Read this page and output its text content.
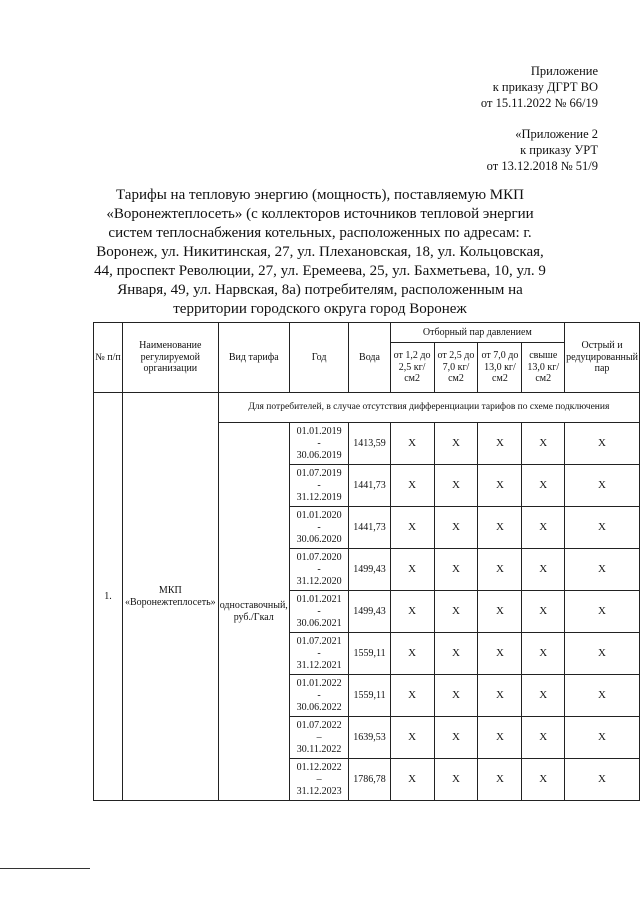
Приложение
к приказу ДГРТ ВО
от 15.11.2022 № 66/19
«Приложение 2
к приказу УРТ
от 13.12.2018 № 51/9
Тарифы на тепловую энергию (мощность), поставляемую МКП «Воронежтеплосеть» (с коллекторов источников тепловой энергии систем теплоснабжения котельных, расположенных по адресам: г. Воронеж, ул. Никитинская, 27, ул. Плехановская, 18, ул. Кольцовская, 44, проспект Революции, 27, ул. Еремеева, 25, ул. Бахметьева, 10, ул. 9 Января, 49, ул. Нарвская, 8а) потребителям, расположенным на территории городского округа город Воронеж
№ п/п	Наименование регулируемой организации	Вид тарифа	Год	Вода	Отборный пар давлением				Острый и редуцированный пар
					от 1,2 до 2,5 кг/см2	от 2,5 до 7,0 кг/см2	от 7,0 до 13,0 кг/см2	свыше 13,0 кг/см2	
1.	МКП «Воронежтеплосеть»	Для потребителей, в случае отсутствия дифференциации тарифов по схеме подключения							
		одноставочный, руб./Гкал	01.01.2019
-
30.06.2019	1413,59	X	X	X	X	X

			01.07.2019
-
31.12.2019	1441,73	X	X	X	X	X

			01.01.2020
-
30.06.2020	1441,73	X	X	X	X	X

			01.07.2020
-
31.12.2020	1499,43	X	X	X	X	X

			01.01.2021
-
30.06.2021	1499,43	X	X	X	X	X

			01.07.2021
-
31.12.2021	1559,11	X	X	X	X	X

			01.01.2022
-
30.06.2022	1559,11	X	X	X	X	X

			01.07.2022
–
30.11.2022	1639,53	X	X	X	X	X

			01.12.2022
–
31.12.2023	1786,78	X	X	X	X	X
